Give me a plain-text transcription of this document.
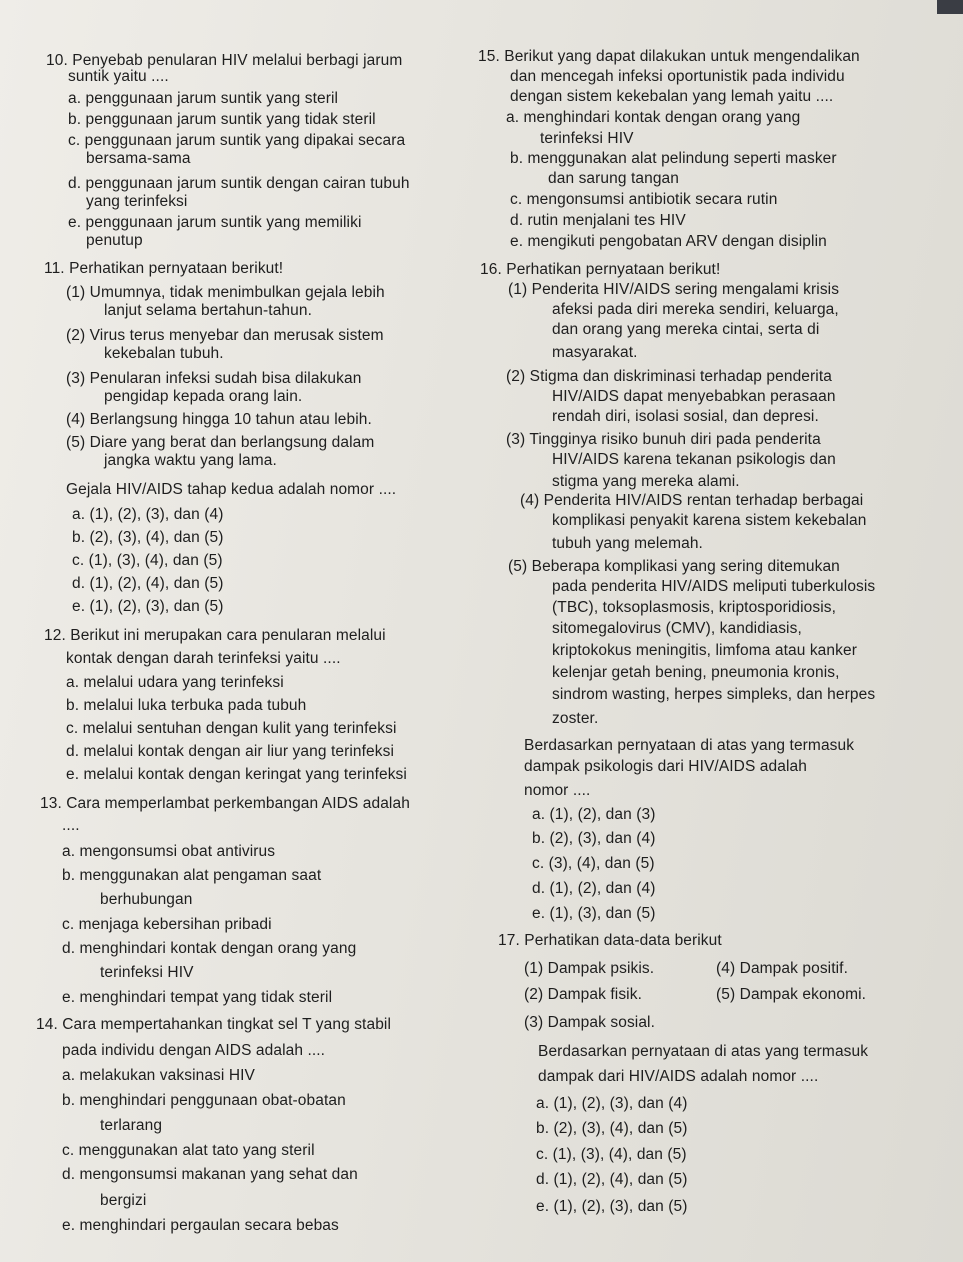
10. Penyebab penularan HIV melalui berbagi jarum
suntik yaitu ....
a. penggunaan jarum suntik yang steril
b. penggunaan jarum suntik yang tidak steril
c. penggunaan jarum suntik yang dipakai secara
bersama-sama
d. penggunaan jarum suntik dengan cairan tubuh
yang terinfeksi
e. penggunaan jarum suntik yang memiliki
penutup
11. Perhatikan pernyataan berikut!
(1) Umumnya, tidak menimbulkan gejala lebih
lanjut selama bertahun-tahun.
(2) Virus terus menyebar dan merusak sistem
kekebalan tubuh.
(3) Penularan infeksi sudah bisa dilakukan
pengidap kepada orang lain.
(4) Berlangsung hingga 10 tahun atau lebih.
(5) Diare yang berat dan berlangsung dalam
jangka waktu yang lama.
Gejala HIV/AIDS tahap kedua adalah nomor ....
a. (1), (2), (3), dan (4)
b. (2), (3), (4), dan (5)
c. (1), (3), (4), dan (5)
d. (1), (2), (4), dan (5)
e. (1), (2), (3), dan (5)
12. Berikut ini merupakan cara penularan melalui
kontak dengan darah terinfeksi yaitu ....
a. melalui udara yang terinfeksi
b. melalui luka terbuka pada tubuh
c. melalui sentuhan dengan kulit yang terinfeksi
d. melalui kontak dengan air liur yang terinfeksi
e. melalui kontak dengan keringat yang terinfeksi
13. Cara memperlambat perkembangan AIDS adalah
....
a. mengonsumsi obat antivirus
b. menggunakan alat pengaman saat
berhubungan
c. menjaga kebersihan pribadi
d. menghindari kontak dengan orang yang
terinfeksi HIV
e. menghindari tempat yang tidak steril
14. Cara mempertahankan tingkat sel T yang stabil
pada individu dengan AIDS adalah ....
a. melakukan vaksinasi HIV
b. menghindari penggunaan obat-obatan
terlarang
c. menggunakan alat tato yang steril
d. mengonsumsi makanan yang sehat dan
bergizi
e. menghindari pergaulan secara bebas
15. Berikut yang dapat dilakukan untuk mengendalikan
dan mencegah infeksi oportunistik pada individu
dengan sistem kekebalan yang lemah yaitu ....
a. menghindari kontak dengan orang yang
terinfeksi HIV
b. menggunakan alat pelindung seperti masker
dan sarung tangan
c. mengonsumsi antibiotik secara rutin
d. rutin menjalani tes HIV
e. mengikuti pengobatan ARV dengan disiplin
16. Perhatikan pernyataan berikut!
(1) Penderita HIV/AIDS sering mengalami krisis
afeksi pada diri mereka sendiri, keluarga,
dan orang yang mereka cintai, serta di
masyarakat.
(2) Stigma dan diskriminasi terhadap penderita
HIV/AIDS dapat menyebabkan perasaan
rendah diri, isolasi sosial, dan depresi.
(3) Tingginya risiko bunuh diri pada penderita
HIV/AIDS karena tekanan psikologis dan
stigma yang mereka alami.
(4) Penderita HIV/AIDS rentan terhadap berbagai
komplikasi penyakit karena sistem kekebalan
tubuh yang melemah.
(5) Beberapa komplikasi yang sering ditemukan
pada penderita HIV/AIDS meliputi tuberkulosis
(TBC), toksoplasmosis, kriptosporidiosis,
sitomegalovirus (CMV), kandidiasis,
kriptokokus meningitis, limfoma atau kanker
kelenjar getah bening, pneumonia kronis,
sindrom wasting, herpes simpleks, dan herpes
zoster.
Berdasarkan pernyataan di atas yang termasuk
dampak psikologis dari HIV/AIDS adalah
nomor ....
a. (1), (2), dan (3)
b. (2), (3), dan (4)
c. (3), (4), dan (5)
d. (1), (2), dan (4)
e. (1), (3), dan (5)
17. Perhatikan data-data berikut
(1) Dampak psikis.	(4) Dampak positif.
(2) Dampak fisik.	(5) Dampak ekonomi.
(3) Dampak sosial.
Berdasarkan pernyataan di atas yang termasuk
dampak dari HIV/AIDS adalah nomor ....
a. (1), (2), (3), dan (4)
b. (2), (3), (4), dan (5)
c. (1), (3), (4), dan (5)
d. (1), (2), (4), dan (5)
e. (1), (2), (3), dan (5)
